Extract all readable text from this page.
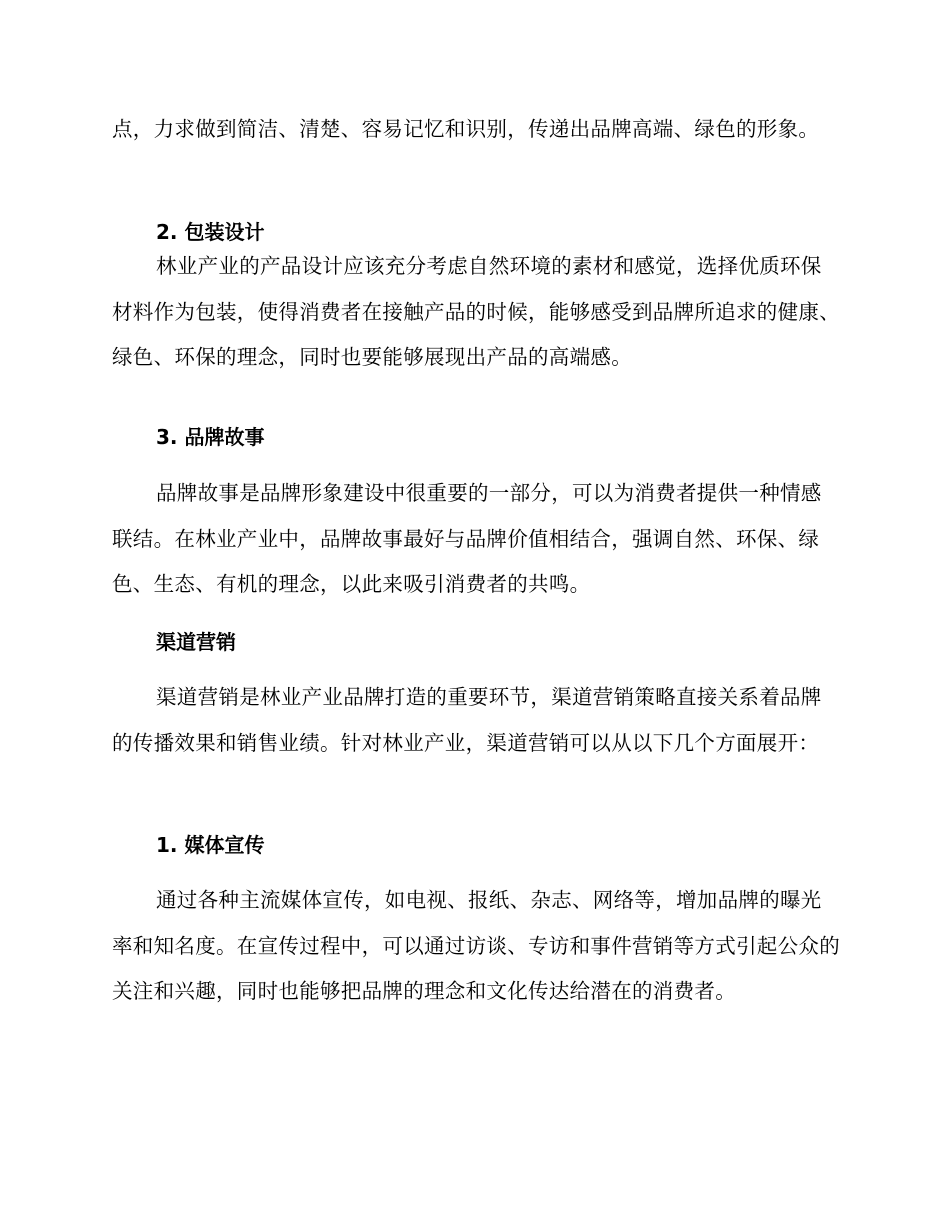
点，力求做到简洁、清楚、容易记忆和识别，传递出品牌高端、绿色的形象。

2. 包装设计

林业产业的产品设计应该充分考虑自然环境的素材和感觉，选择优质环保材料作为包装，使得消费者在接触产品的时候，能够感受到品牌所追求的健康、绿色、环保的理念，同时也要能够展现出产品的高端感。

3. 品牌故事

品牌故事是品牌形象建设中很重要的一部分，可以为消费者提供一种情感联结。在林业产业中，品牌故事最好与品牌价值相结合，强调自然、环保、绿色、生态、有机的理念，以此来吸引消费者的共鸣。

渠道营销

渠道营销是林业产业品牌打造的重要环节，渠道营销策略直接关系着品牌的传播效果和销售业绩。针对林业产业，渠道营销可以从以下几个方面展开：

1. 媒体宣传

通过各种主流媒体宣传，如电视、报纸、杂志、网络等，增加品牌的曝光率和知名度。在宣传过程中，可以通过访谈、专访和事件营销等方式引起公众的关注和兴趣，同时也能够把品牌的理念和文化传达给潜在的消费者。
